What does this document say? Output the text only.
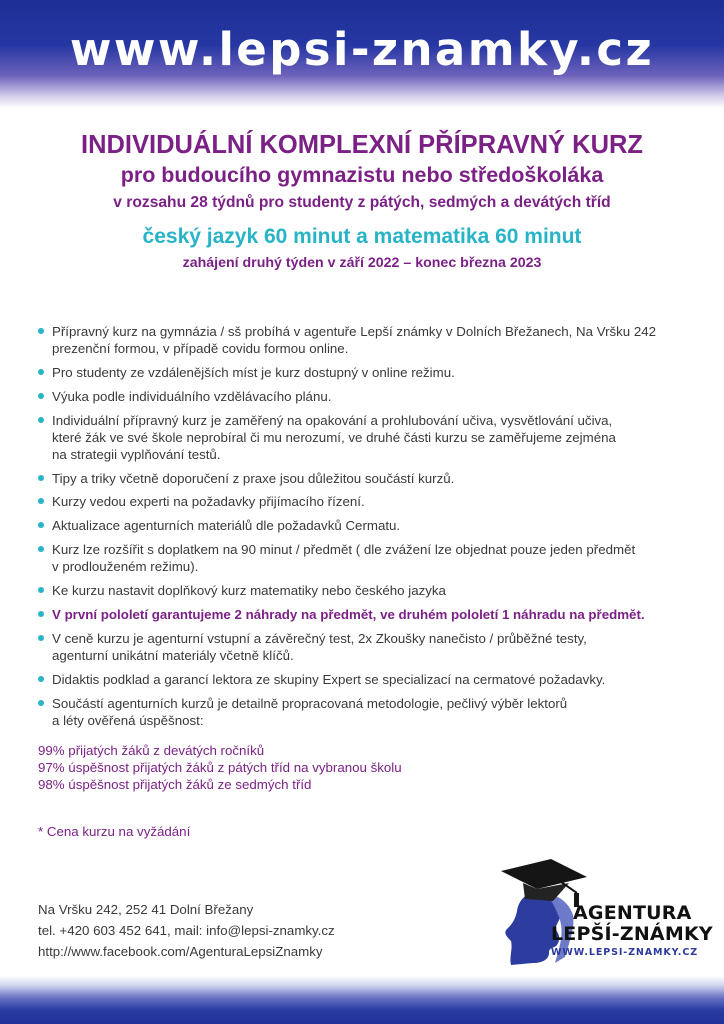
www.lepsi-znamky.cz
INDIVIDUÁLNÍ KOMPLEXNÍ PŘÍPRAVNÝ KURZ
pro budoucího gymnazistu nebo středoškoláka
v rozsahu 28 týdnů pro studenty z pátých, sedmých a devátých tříd
český jazyk 60 minut a matematika 60 minut
zahájení druhý týden v září 2022 – konec března 2023
Přípravný kurz na gymnázia / sš probíhá v agentuře Lepší známky v Dolních Břežanech, Na Vršku 242
prezenční formou, v případě covidu formou online.
Pro studenty ze vzdálenějších míst je kurz dostupný v online režimu.
Výuka podle individuálního vzdělávacího plánu.
Individuální přípravný kurz je zaměřený na opakování a prohlubování učiva, vysvětlování učiva,
které žák ve své škole neprobíral či mu nerozumí, ve druhé části kurzu se zaměřujeme zejména
na strategii vyplňování testů.
Tipy a triky včetně doporučení z praxe jsou důležitou součástí kurzů.
Kurzy vedou experti na požadavky přijímacího řízení.
Aktualizace agenturních materiálů dle požadavků Cermatu.
Kurz lze rozšířit s doplatkem na 90 minut / předmět ( dle zvážení lze objednat pouze jeden předmět
v prodlouženém režimu).
Ke kurzu nastavit doplňkový kurz matematiky nebo českého jazyka
V první pololetí garantujeme 2 náhrady na předmět, ve druhém pololetí 1 náhradu na předmět.
V ceně kurzu je agenturní vstupní a závěrečný test, 2x Zkoušky nanečisto / průběžné testy,
agenturní unikátní materiály včetně klíčů.
Didaktis podklad a garancí lektora ze skupiny Expert se specializací na cermatové požadavky.
Součástí agenturních kurzů je detailně propracovaná metodologie, pečlivý výběr lektorů
a léty ověřená úspěšnost:
99% přijatých žáků z devátých ročníků
97% úspěšnost přijatých žáků z pátých tříd na vybranou školu
98% úspěšnost přijatých žáků ze sedmých tříd
* Cena kurzu na vyžádání
Na Vršku 242, 252 41 Dolní Břežany
tel. +420 603 452 641, mail: info@lepsi-znamky.cz
http://www.facebook.com/AgenturaLepsiZnamky
AGENTURA
LEPŠÍ-ZNÁMKY
WWW.LEPSI-ZNAMKY.CZ
